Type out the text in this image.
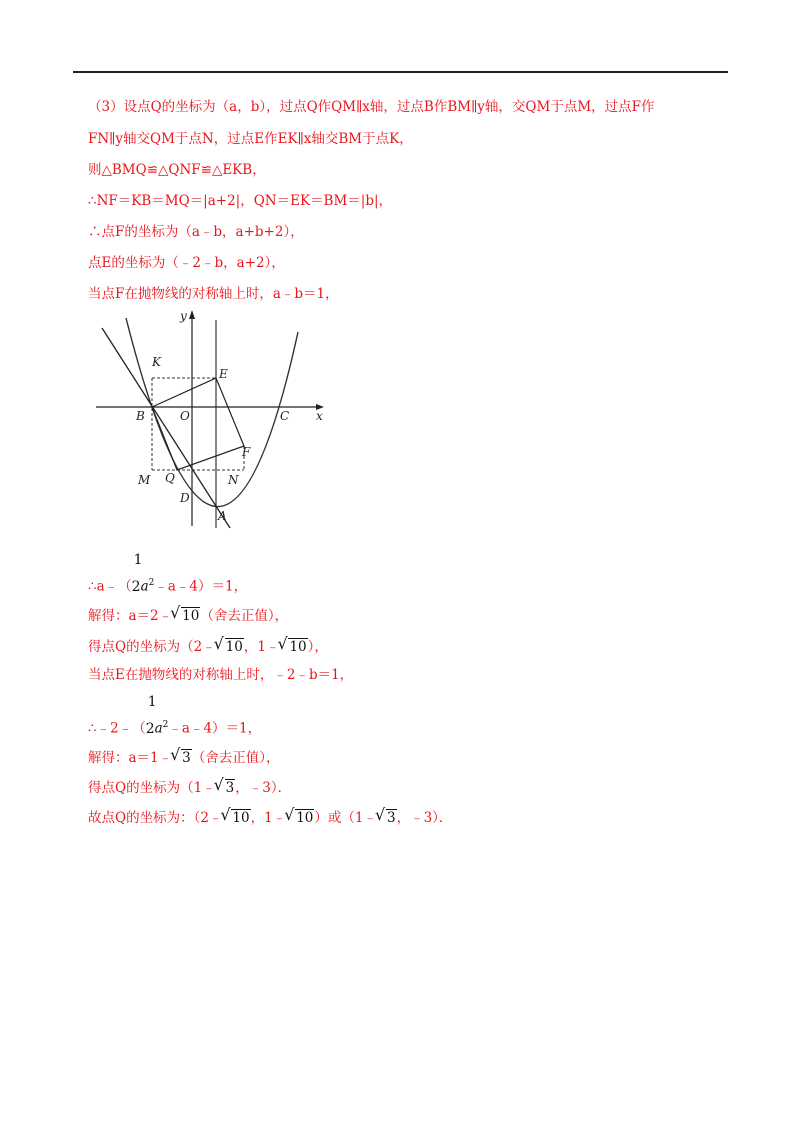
（3）设点Q的坐标为（a，b），过点Q作QM∥x轴，过点B作BM∥y轴，交QM于点M，过点F作
FN∥y轴交QM于点N，过点E作EK∥x轴交BM于点K，
则△BMQ≌△QNF≌△EKB，
∴NF＝KB＝MQ＝|a+2|，QN＝EK＝BM＝|b|，
∴点F的坐标为（a﹣b，a+b+2），
点E的坐标为（﹣2﹣b，a+2），
当点F在抛物线的对称轴上时，a﹣b＝1，
y
x
K
E
B	O	C
F
M Q	N
D
A
∴a﹣（
1
$2a^2﹣a﹣4)=1$，
解得：a＝2﹣ √ 10（舍去正值），
得点Q的坐标为（2﹣ √ 10，1﹣ √ 10），
当点E在抛物线的对称轴上时，﹣2﹣b＝1，
∴﹣2﹣（
1
$2a^2﹣a﹣4)=1$，
解得：a＝1﹣ √ 3（舍去正值），
得点Q的坐标为（1﹣ √ 3，﹣3）．
故点Q的坐标为：（2﹣ √ 10，1﹣ √ 10）或（1﹣ √ 3，﹣3）．
